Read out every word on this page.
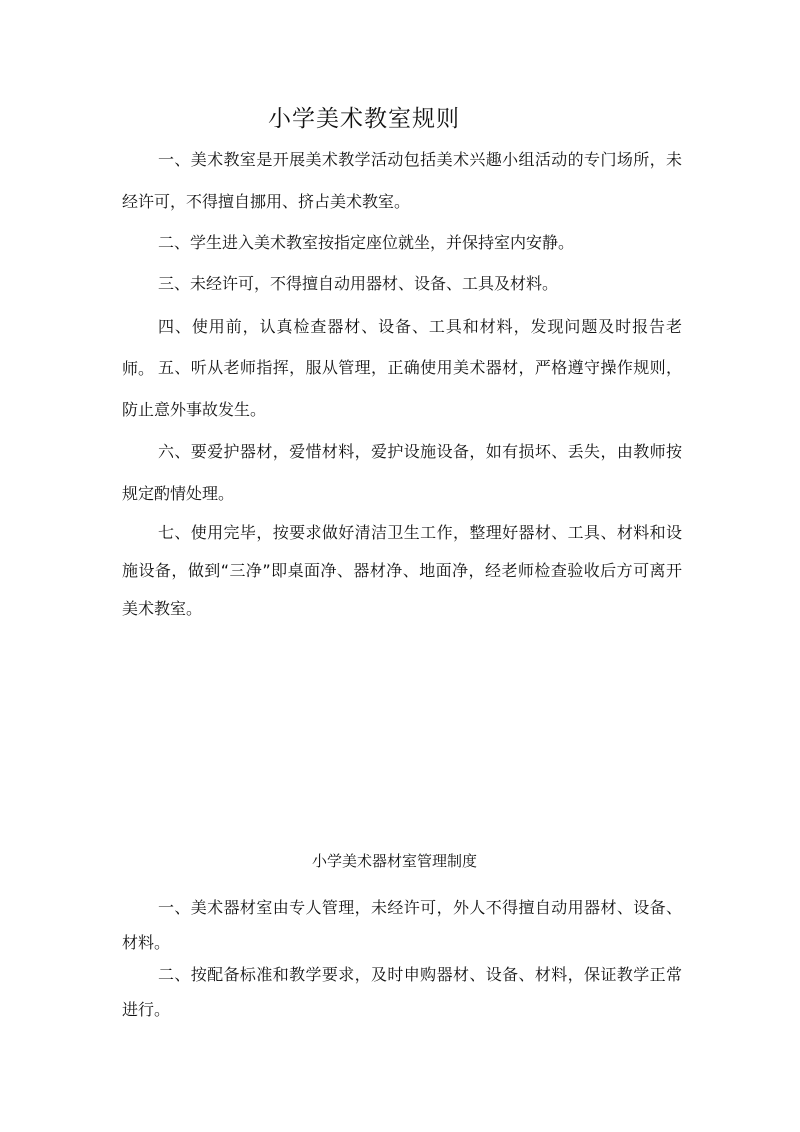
小学美术教室规则

一、美术教室是开展美术教学活动包括美术兴趣小组活动的专门场所，未经许可，不得擅自挪用、挤占美术教室。

二、学生进入美术教室按指定座位就坐，并保持室内安静。

三、未经许可，不得擅自动用器材、设备、工具及材料。

四、使用前，认真检查器材、设备、工具和材料，发现问题及时报告老师。 五、听从老师指挥，服从管理，正确使用美术器材，严格遵守操作规则，防止意外事故发生。

六、要爱护器材，爱惜材料，爱护设施设备，如有损坏、丢失，由教师按规定酌情处理。

七、使用完毕，按要求做好清洁卫生工作，整理好器材、工具、材料和设施设备，做到“三净”即桌面净、器材净、地面净，经老师检查验收后方可离开美术教室。

小学美术器材室管理制度

一、美术器材室由专人管理，未经许可，外人不得擅自动用器材、设备、材料。

二、按配备标准和教学要求，及时申购器材、设备、材料，保证教学正常进行。
